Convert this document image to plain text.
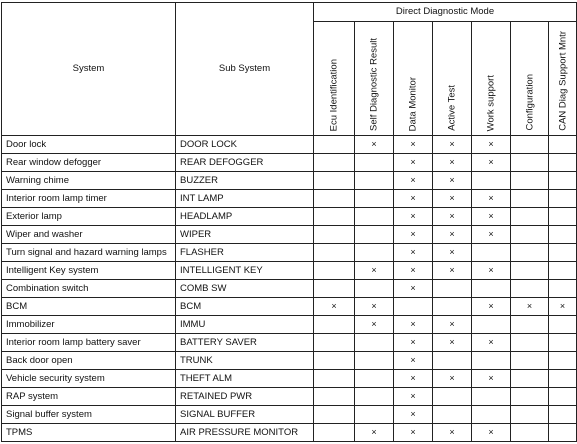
System	Sub System	Direct Diagnostic Mode						

		Ecu Identification	Self Diagnostic Result	Data Monitor	Active Test	Work support	Configuration	CAN Diag Support Mntr

Door lock	DOOR LOCK		×	×	×	×		
Rear window defogger	REAR DEFOGGER			×	×	×		
Warning chime	BUZZER			×	×			
Interior room lamp timer	INT LAMP			×	×	×		
Exterior lamp	HEADLAMP			×	×	×		
Wiper and washer	WIPER			×	×	×		
Turn signal and hazard warning lamps	FLASHER			×	×			
Intelligent Key system	INTELLIGENT KEY		×	×	×	×		
Combination switch	COMB SW			×				
BCM	BCM	×	×			×	×	×
Immobilizer	IMMU		×	×	×			
Interior room lamp battery saver	BATTERY SAVER			×	×	×		
Back door open	TRUNK			×				
Vehicle security system	THEFT ALM			×	×	×		
RAP system	RETAINED PWR			×				
Signal buffer system	SIGNAL BUFFER			×				
TPMS	AIR PRESSURE MONITOR		×	×	×	×		
